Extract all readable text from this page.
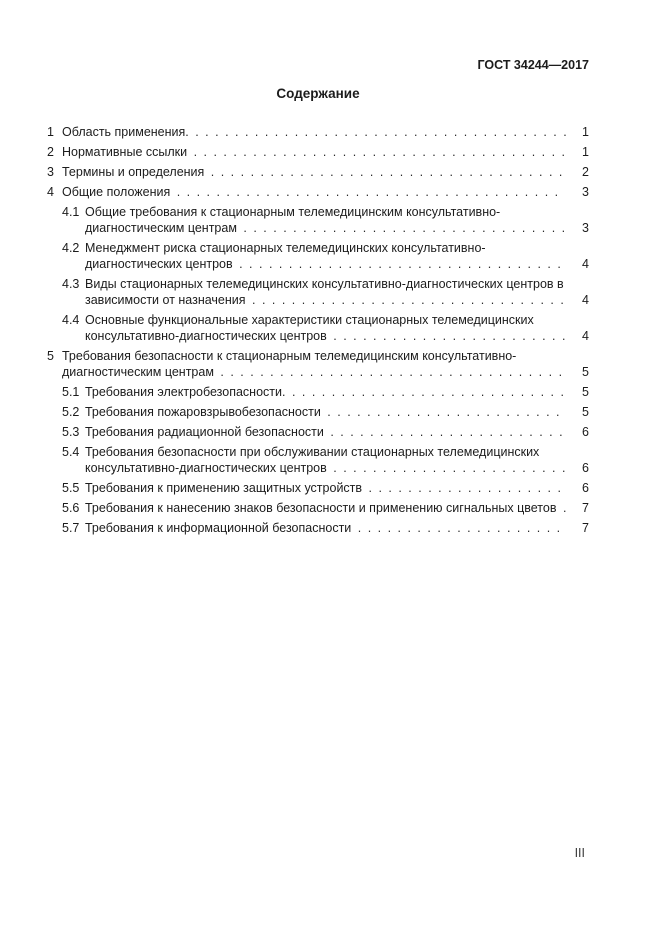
ГОСТ 34244—2017
Содержание
1 Область применения. . . . . . . . . . . . . . . . . . . . . . . . . . . . . . . . . . . . . . . 1
2 Нормативные ссылки . . . . . . . . . . . . . . . . . . . . . . . . . . . . . . . . . . . . . . 1
3 Термины и определения . . . . . . . . . . . . . . . . . . . . . . . . . . . . . . . . . . . . 2
4 Общие положения . . . . . . . . . . . . . . . . . . . . . . . . . . . . . . . . . . . . . . . 3
4.1 Общие требования к стационарным телемедицинским консультативно-диагностическим центрам . . . . . . . . . . . . . . . . . . . . . . . . . . . . . . . . . 3
4.2 Менеджмент риска стационарных телемедицинских консультативно-диагностических центров . . . . . . . . . . . . . . . . . . . . . . . . . . . . . . . . . 4
4.3 Виды стационарных телемедицинских консультативно-диагностических центров в зависимости от назначения . . . . . . . . . . . . . . . . . . . . . . . . . . . . . . . . 4
4.4 Основные функциональные характеристики стационарных телемедицинских консультативно-диагностических центров . . . . . . . . . . . . . . . . . . . . . . . . 4
5 Требования безопасности к стационарным телемедицинским консультативно-диагностическим центрам . . . . . . . . . . . . . . . . . . . . . . . . . . . . . . . . . . . 5
5.1 Требования электробезопасности. . . . . . . . . . . . . . . . . . . . . . . . . . . . . 5
5.2 Требования пожаровзрывобезопасности . . . . . . . . . . . . . . . . . . . . . . . . 5
5.3 Требования радиационной безопасности . . . . . . . . . . . . . . . . . . . . . . . . 6
5.4 Требования безопасности при обслуживании стационарных телемедицинских консультативно-диагностических центров . . . . . . . . . . . . . . . . . . . . . . . . 6
5.5 Требования к применению защитных устройств . . . . . . . . . . . . . . . . . . . . 6
5.6 Требования к нанесению знаков безопасности и применению сигнальных цветов . 7
5.7 Требования к информационной безопасности . . . . . . . . . . . . . . . . . . . . . 7
III
